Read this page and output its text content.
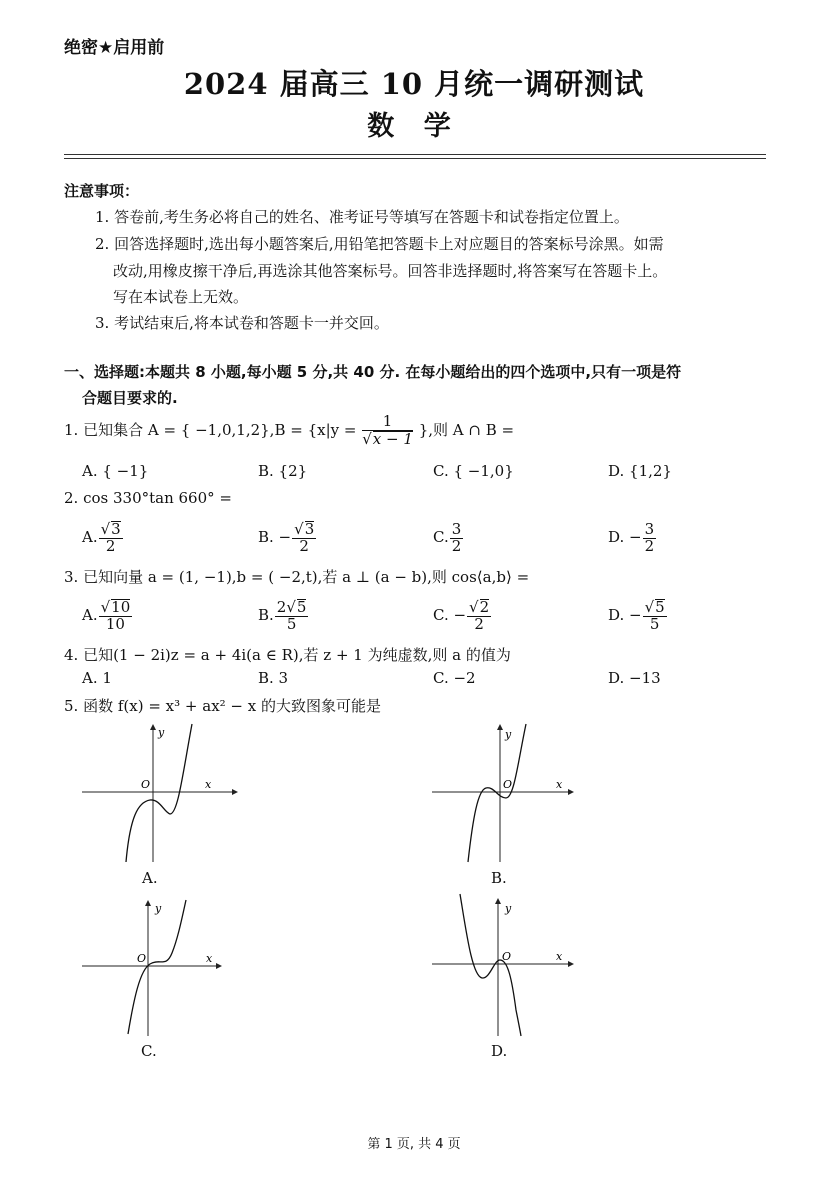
绝密★启用前
2024 届高三 10 月统一调研测试
数 学
注意事项：
1. 答卷前,考生务必将自己的姓名、准考证号等填写在答题卡和试卷指定位置上。
2. 回答选择题时,选出每小题答案后,用铅笔把答题卡上对应题目的答案标号涂黑。如需
改动,用橡皮擦干净后,再选涂其他答案标号。回答非选择题时,将答案写在答题卡上。
写在本试卷上无效。
3. 考试结束后,将本试卷和答题卡一并交回。
一、选择题:本题共 8 小题,每小题 5 分,共 40 分. 在每小题给出的四个选项中,只有一项是符
合题目要求的.
1. 已知集合 A = { $-1,0,1,2\},B = \{x|y = \frac{1}{√x - 1}$ },则 A ∩ B =
A. { −1}	B. {2}	C. { −1,0}	D. {1,2}
2. cos 330°tan 660° =
A. $\frac{√3}{2}$	B. − $\frac{√3}{2}$	C. $\frac{3}{2}$	D. − $\frac{3}{2}$
3. 已知向量 a = (1, −1),b = ( −2,t),若 a ⊥ (a − b),则 cos⟨a,b⟩ =
A. $\frac{√10}{10}$	B. $\frac{2√5}{5}$	C. − $\frac{√2}{2}$	D. − $\frac{√5}{5}$
4. 已知(1 − 2i)z = a + 4i(a ∈ R),若 z + 1 为纯虚数,则 a 的值为
A. 1	B. 3	C. −2	D. −13
5. 函数 f(x) = x³ + ax² − x 的大致图象可能是
y
x
O
A.
y
x
O
B.
y
x
O
C.
y
x
O
D.
第 1 页, 共 4 页
